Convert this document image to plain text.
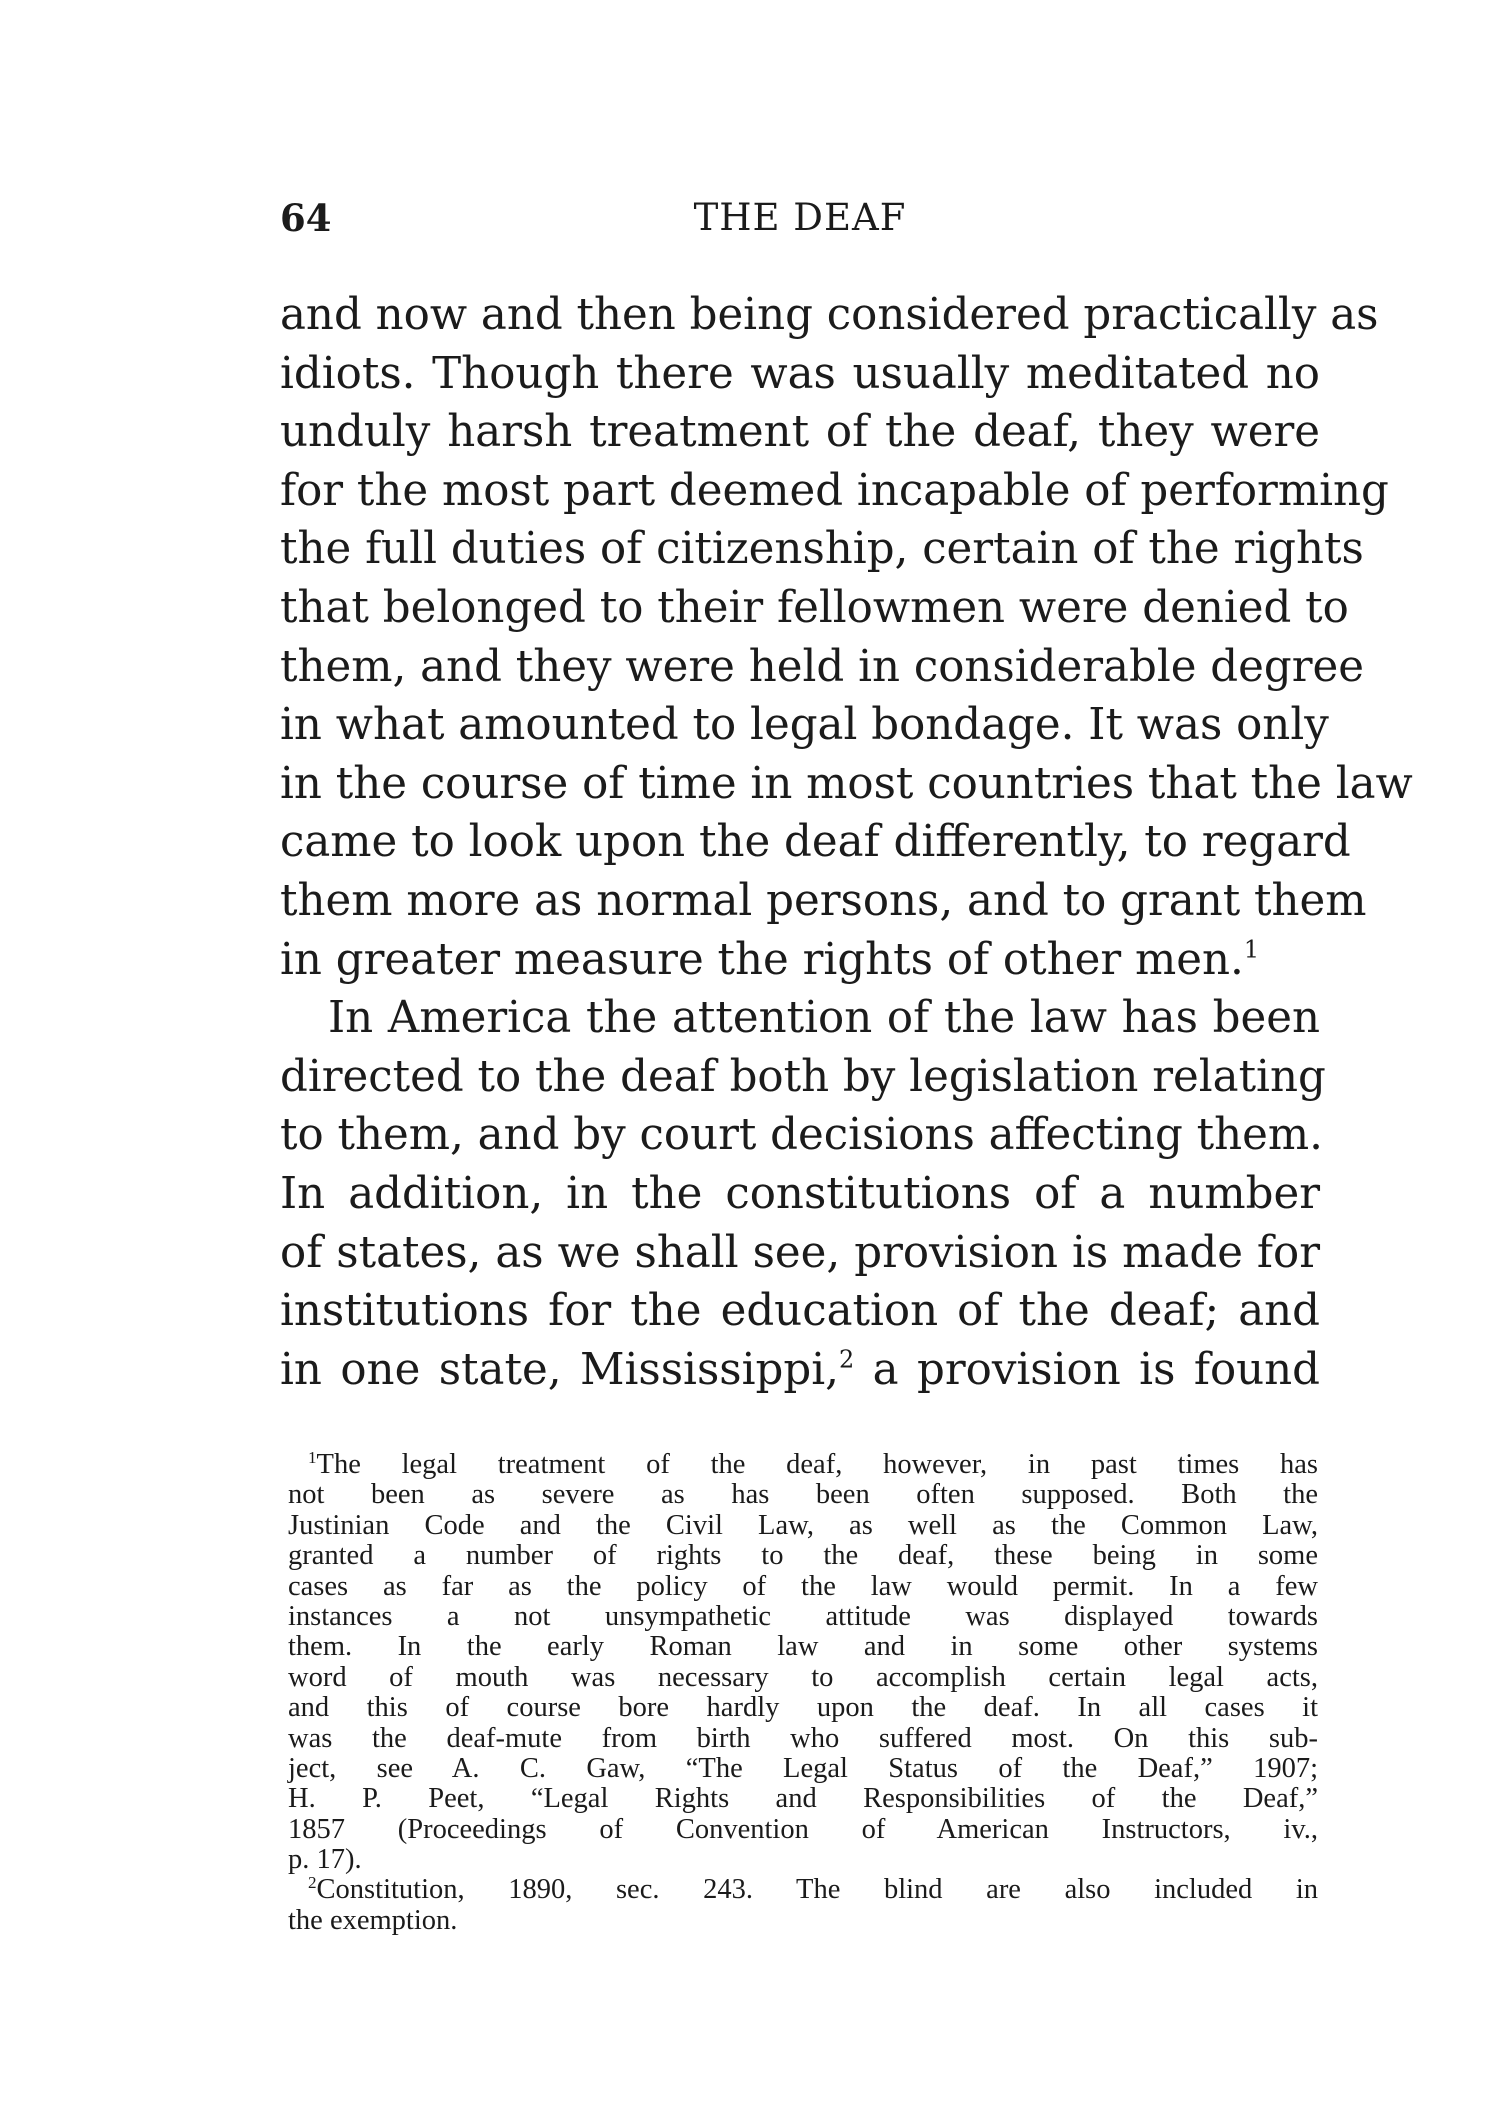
64	THE DEAF
and now and then being considered practically as
idiots. Though there was usually meditated no
unduly harsh treatment of the deaf, they were
for the most part deemed incapable of performing
the full duties of citizenship, certain of the rights
that belonged to their fellowmen were denied to
them, and they were held in considerable degree
in what amounted to legal bondage. It was only
in the course of time in most countries that the law
came to look upon the deaf differently, to regard
them more as normal persons, and to grant them
in greater measure the rights of other men.$^1$
In America the attention of the law has been
directed to the deaf both by legislation relating
to them, and by court decisions affecting them.
In addition, in the constitutions of a number
of states, as we shall see, provision is made for
institutions for the education of the deaf; and
in one state, Mississippi,$^2$ a provision is found
$^1$The legal treatment of the deaf, however, in past times has
not been as severe as has been often supposed. Both the
Justinian Code and the Civil Law, as well as the Common Law,
granted a number of rights to the deaf, these being in some
cases as far as the policy of the law would permit. In a few
instances a not unsympathetic attitude was displayed towards
them. In the early Roman law and in some other systems
word of mouth was necessary to accomplish certain legal acts,
and this of course bore hardly upon the deaf. In all cases it
was the deaf-mute from birth who suffered most. On this sub-
ject, see A. C. Gaw, “The Legal Status of the Deaf,” 1907;
H. P. Peet, “Legal Rights and Responsibilities of the Deaf,”
1857 (Proceedings of Convention of American Instructors, iv.,
p. 17).
$^2$Constitution, 1890, sec. 243. The blind are also included in
the exemption.
